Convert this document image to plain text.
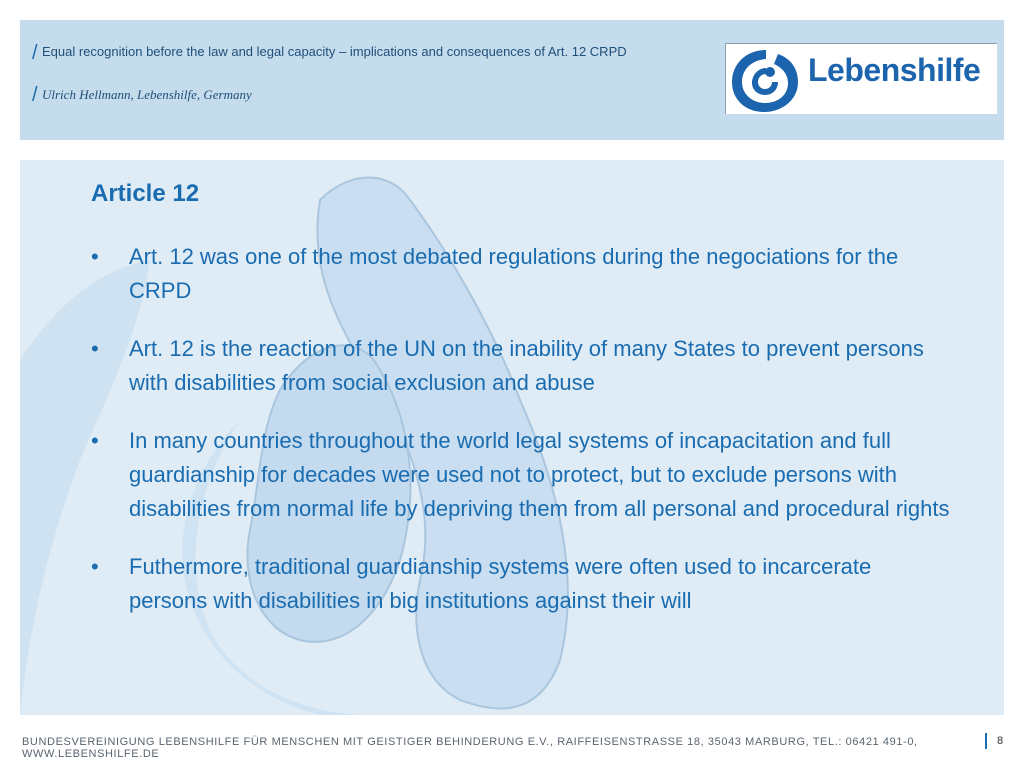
/ Equal recognition before the law and legal capacity – implications and consequences of Art. 12 CRPD
/ Ulrich Hellmann, Lebenshilfe, Germany
Lebenshilfe
Article 12
• Art. 12 was one of the most debated regulations during the negociations for the CRPD
• Art. 12 is the reaction of the UN on the inability of many States to prevent persons with disabilities from social exclusion and abuse
• In many countries throughout the world legal systems of incapacitation and full guardianship for decades were used not to protect, but to exclude persons with disabilities from normal life by depriving them from all personal and procedural rights
• Futhermore, traditional guardianship systems were often used to incarcerate persons with disabilities in big institutions against their will
BUNDESVEREINIGUNG LEBENSHILFE FÜR MENSCHEN MIT GEISTIGER BEHINDERUNG E.V., RAIFFEISENSTRASSE 18, 35043 MARBURG, TEL.: 06421 491-0, WWW.LEBENSHILFE.DE
8
